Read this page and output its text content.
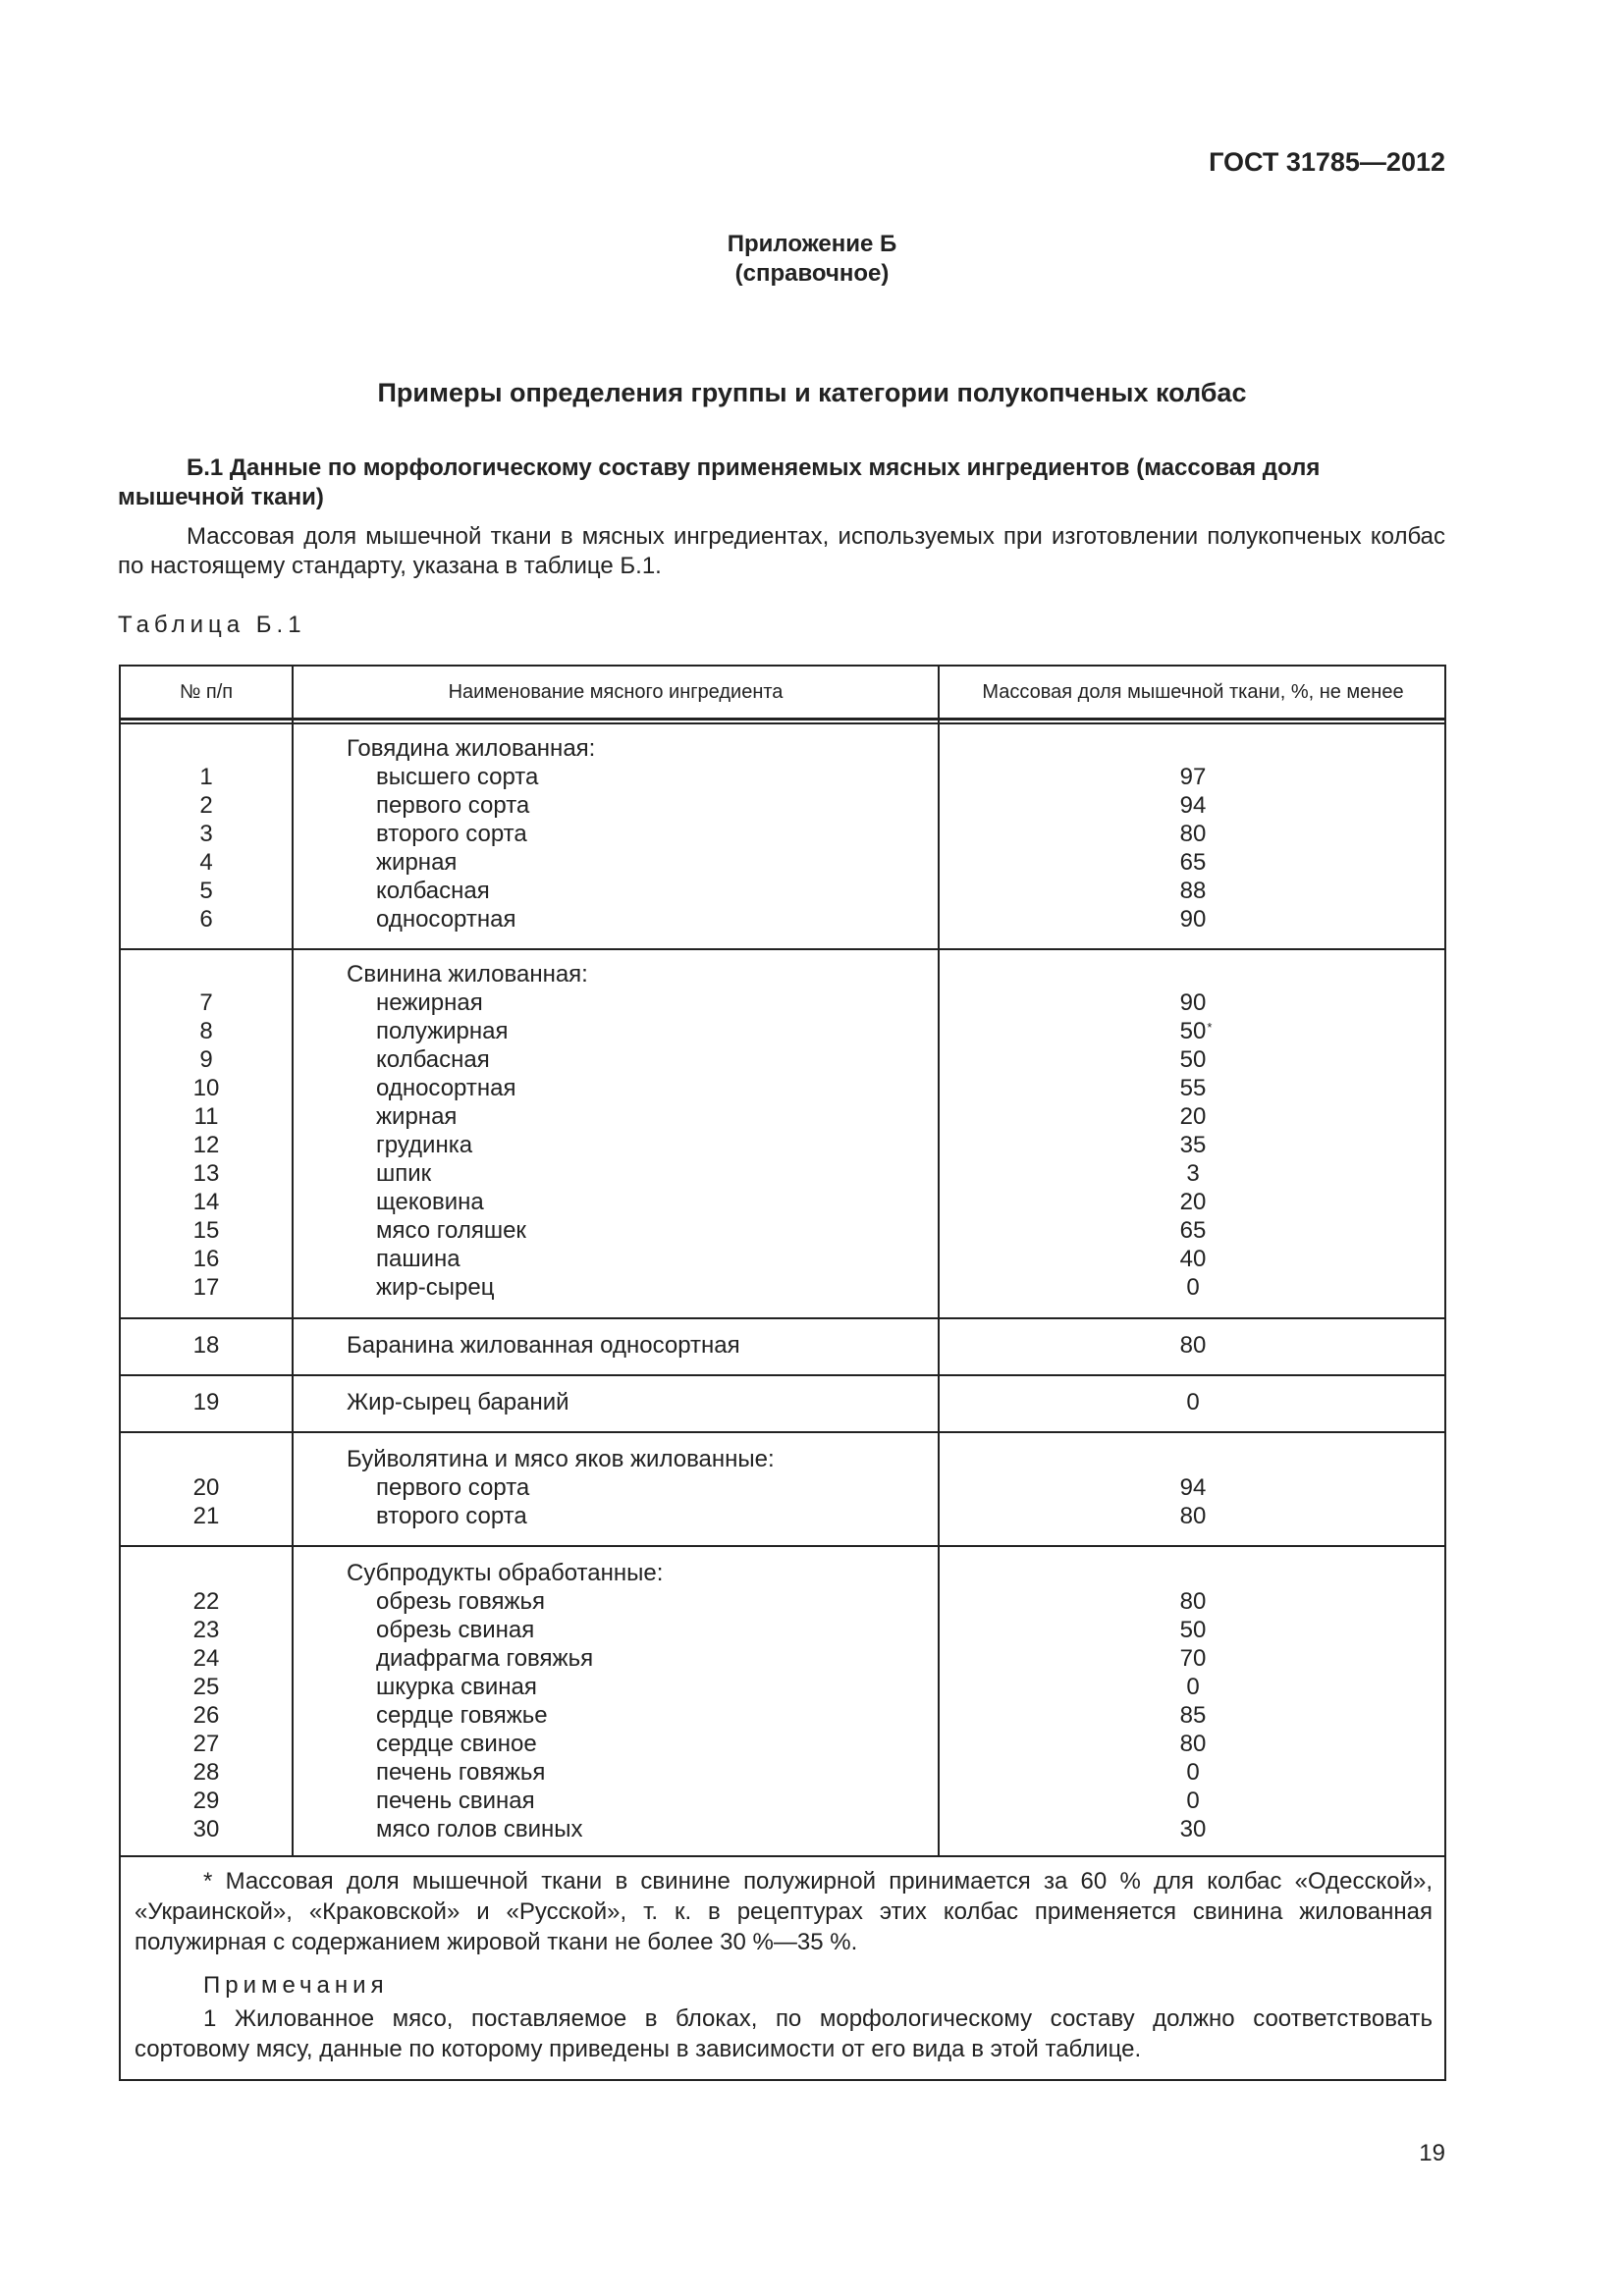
ГОСТ 31785—2012
Приложение Б
(справочное)
Примеры определения группы и категории полукопченых колбас
Б.1 Данные по морфологическому составу применяемых мясных ингредиентов (массовая доля мышечной ткани)
Массовая доля мышечной ткани в мясных ингредиентах, используемых при изготовлении полукопченых колбас по настоящему стандарту, указана в таблице Б.1.
Таблица Б.1
№ п/п	Наименование мясного ингредиента	Массовая доля мышечной ткани, %, не менее
Говядина жилованная:
1	высшего сорта	97
2	первого сорта	94
3	второго сорта	80
4	жирная	65
5	колбасная	88
6	односортная	90
Свинина жилованная:
7	нежирная	90
8	полужирная	50 *
9	колбасная	50
10	односортная	55
11	жирная	20
12	грудинка	35
13	шпик	3
14	щековина	20
15	мясо голяшек	65
16	пашина	40
17	жир-сырец	0
18	Баранина жилованная односортная	80
19	Жир-сырец бараний	0
Буйволятина и мясо яков жилованные:
20	первого сорта	94
21	второго сорта	80
Субпродукты обработанные:
22	обрезь говяжья	80
23	обрезь свиная	50
24	диафрагма говяжья	70
25	шкурка свиная	0
26	сердце говяжье	85
27	сердце свиное	80
28	печень говяжья	0
29	печень свиная	0
30	мясо голов свиных	30
* Массовая доля мышечной ткани в свинине полужирной принимается за 60 % для колбас «Одесской», «Украинской», «Краковской» и «Русской», т. к. в рецептурах этих колбас применяется свинина жилованная полужирная с содержанием жировой ткани не более 30 %—35 %.
Примечания
1 Жилованное мясо, поставляемое в блоках, по морфологическому составу должно соответствовать сортовому мясу, данные по которому приведены в зависимости от его вида в этой таблице.
19
